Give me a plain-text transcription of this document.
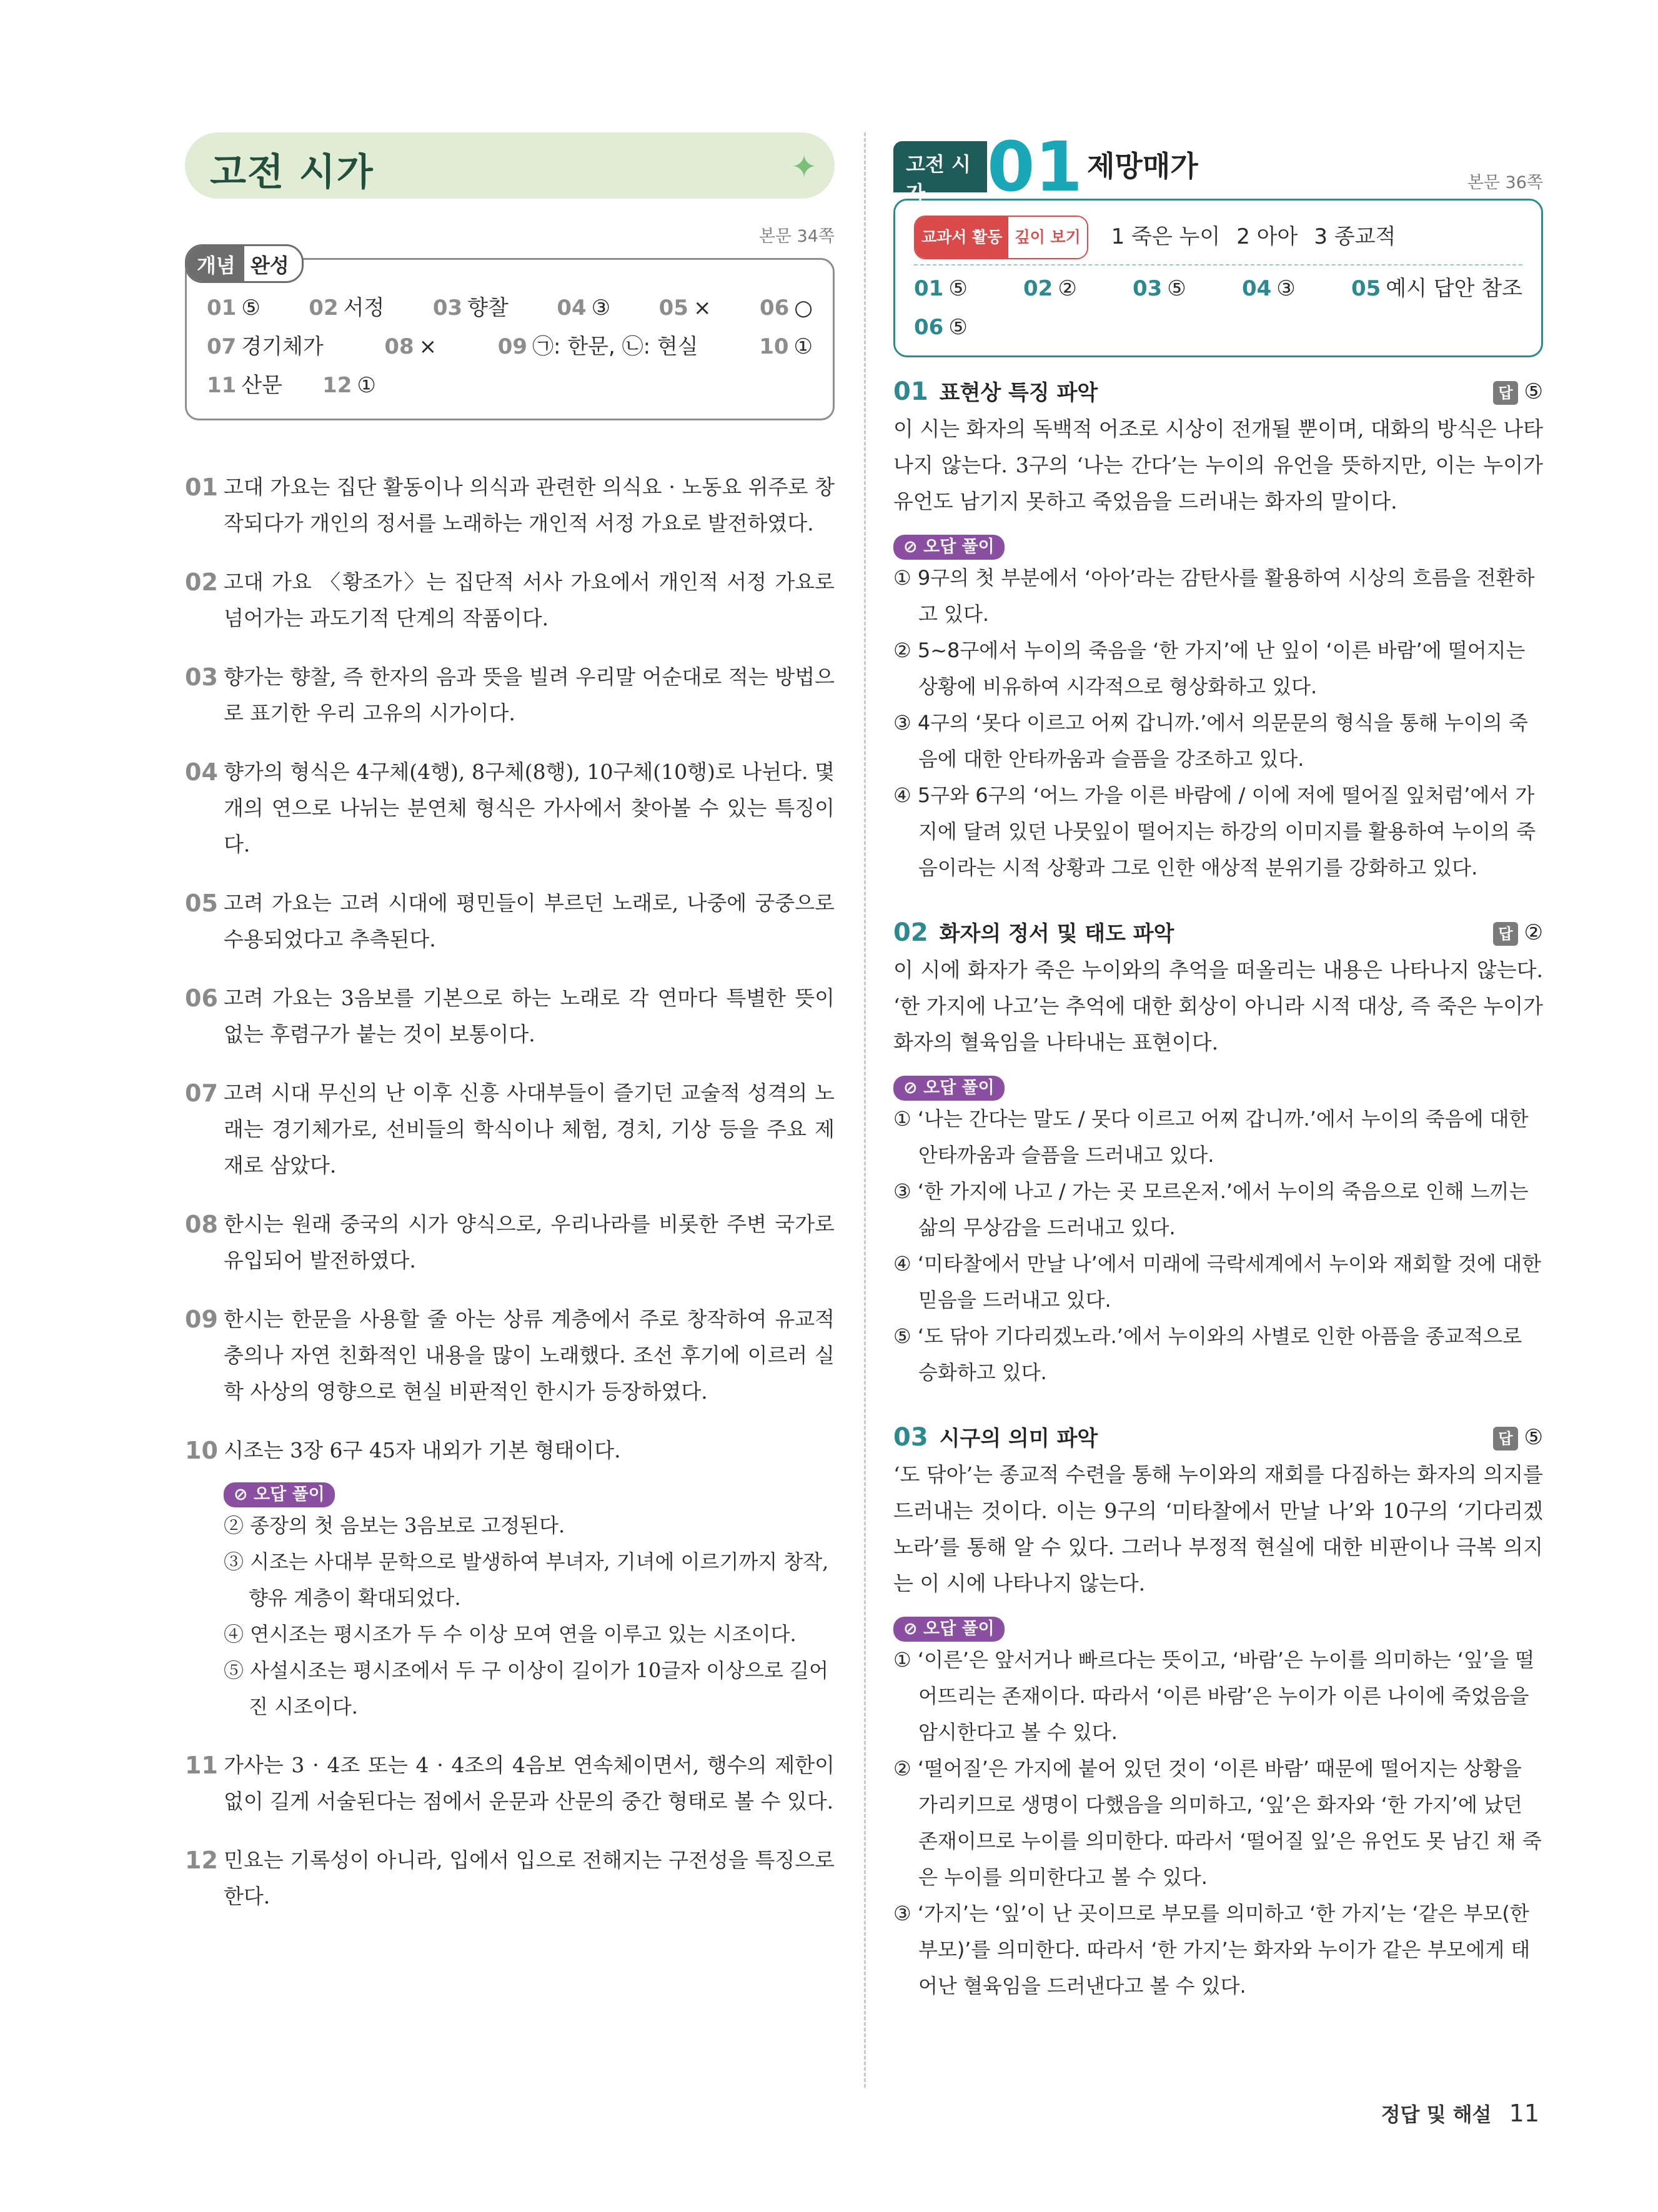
고전 시가	✦
본문 34쪽
개념 완성
01 ⑤ 02 서정 03 향찰 04 ③ 05 × 06 ○
07 경기체가	08 ×	09 ㉠: 한문, ㉡: 현실	10 ①
11 산문 12 ①
01 고대 가요는 집단 활동이나 의식과 관련한 의식요 · 노동요 위주로 창작되다가 개인의 정서를 노래하는 개인적 서정 가요로 발전하였다.
02 고대 가요 〈황조가〉는 집단적 서사 가요에서 개인적 서정 가요로 넘어가는 과도기적 단계의 작품이다.
03 향가는 향찰, 즉 한자의 음과 뜻을 빌려 우리말 어순대로 적는 방법으로 표기한 우리 고유의 시가이다.
04 향가의 형식은 4구체(4행), 8구체(8행), 10구체(10행)로 나뉜다. 몇 개의 연으로 나뉘는 분연체 형식은 가사에서 찾아볼 수 있는 특징이다.
05 고려 가요는 고려 시대에 평민들이 부르던 노래로, 나중에 궁중으로 수용되었다고 추측된다.
06 고려 가요는 3음보를 기본으로 하는 노래로 각 연마다 특별한 뜻이 없는 후렴구가 붙는 것이 보통이다.
07 고려 시대 무신의 난 이후 신흥 사대부들이 즐기던 교술적 성격의 노래는 경기체가로, 선비들의 학식이나 체험, 경치, 기상 등을 주요 제재로 삼았다.
08 한시는 원래 중국의 시가 양식으로, 우리나라를 비롯한 주변 국가로 유입되어 발전하였다.
09 한시는 한문을 사용할 줄 아는 상류 계층에서 주로 창작하여 유교적 충의나 자연 친화적인 내용을 많이 노래했다. 조선 후기에 이르러 실학 사상의 영향으로 현실 비판적인 한시가 등장하였다.
10 시조는 3장 6구 45자 내외가 기본 형태이다.
⊘ 오답 풀이
② 종장의 첫 음보는 3음보로 고정된다.
③ 시조는 사대부 문학으로 발생하여 부녀자, 기녀에 이르기까지 창작, 향유 계층이 확대되었다.
④ 연시조는 평시조가 두 수 이상 모여 연을 이루고 있는 시조이다.
⑤ 사설시조는 평시조에서 두 구 이상이 길이가 10글자 이상으로 길어진 시조이다.
11 가사는 3 · 4조 또는 4 · 4조의 4음보 연속체이면서, 행수의 제한이 없이 길게 서술된다는 점에서 운문과 산문의 중간 형태로 볼 수 있다.
12 민요는 기록성이 아니라, 입에서 입으로 전해지는 구전성을 특징으로 한다.
고전 시가 01 제망매가	본문 36쪽
교과서 활동 깊이 보기 1 죽은 누이 2 아아 3 종교적
01 ⑤	02 ②	03 ⑤	04 ③	05 예시 답안 참조
06 ⑤
01 표현상 특징 파악	답 ⑤
이 시는 화자의 독백적 어조로 시상이 전개될 뿐이며, 대화의 방식은 나타나지 않는다. 3구의 ‘나는 간다’는 누이의 유언을 뜻하지만, 이는 누이가 유언도 남기지 못하고 죽었음을 드러내는 화자의 말이다.
⊘ 오답 풀이
① 9구의 첫 부분에서 ‘아아’라는 감탄사를 활용하여 시상의 흐름을 전환하고 있다.
② 5~8구에서 누이의 죽음을 ‘한 가지’에 난 잎이 ‘이른 바람’에 떨어지는 상황에 비유하여 시각적으로 형상화하고 있다.
③ 4구의 ‘못다 이르고 어찌 갑니까.’에서 의문문의 형식을 통해 누이의 죽음에 대한 안타까움과 슬픔을 강조하고 있다.
④ 5구와 6구의 ‘어느 가을 이른 바람에 / 이에 저에 떨어질 잎처럼’에서 가지에 달려 있던 나뭇잎이 떨어지는 하강의 이미지를 활용하여 누이의 죽음이라는 시적 상황과 그로 인한 애상적 분위기를 강화하고 있다.
02 화자의 정서 및 태도 파악	답 ②
이 시에 화자가 죽은 누이와의 추억을 떠올리는 내용은 나타나지 않는다. ‘한 가지에 나고’는 추억에 대한 회상이 아니라 시적 대상, 즉 죽은 누이가 화자의 혈육임을 나타내는 표현이다.
⊘ 오답 풀이
① ‘나는 간다는 말도 / 못다 이르고 어찌 갑니까.’에서 누이의 죽음에 대한 안타까움과 슬픔을 드러내고 있다.
③ ‘한 가지에 나고 / 가는 곳 모르온저.’에서 누이의 죽음으로 인해 느끼는 삶의 무상감을 드러내고 있다.
④ ‘미타찰에서 만날 나’에서 미래에 극락세계에서 누이와 재회할 것에 대한 믿음을 드러내고 있다.
⑤ ‘도 닦아 기다리겠노라.’에서 누이와의 사별로 인한 아픔을 종교적으로 승화하고 있다.
03 시구의 의미 파악	답 ⑤
‘도 닦아’는 종교적 수련을 통해 누이와의 재회를 다짐하는 화자의 의지를 드러내는 것이다. 이는 9구의 ‘미타찰에서 만날 나’와 10구의 ‘기다리겠노라’를 통해 알 수 있다. 그러나 부정적 현실에 대한 비판이나 극복 의지는 이 시에 나타나지 않는다.
⊘ 오답 풀이
① ‘이른’은 앞서거나 빠르다는 뜻이고, ‘바람’은 누이를 의미하는 ‘잎’을 떨어뜨리는 존재이다. 따라서 ‘이른 바람’은 누이가 이른 나이에 죽었음을 암시한다고 볼 수 있다.
② ‘떨어질’은 가지에 붙어 있던 것이 ‘이른 바람’ 때문에 떨어지는 상황을 가리키므로 생명이 다했음을 의미하고, ‘잎’은 화자와 ‘한 가지’에 났던 존재이므로 누이를 의미한다. 따라서 ‘떨어질 잎’은 유언도 못 남긴 채 죽은 누이를 의미한다고 볼 수 있다.
③ ‘가지’는 ‘잎’이 난 곳이므로 부모를 의미하고 ‘한 가지’는 ‘같은 부모(한 부모)’를 의미한다. 따라서 ‘한 가지’는 화자와 누이가 같은 부모에게 태어난 혈육임을 드러낸다고 볼 수 있다.
정답 및 해설 11
